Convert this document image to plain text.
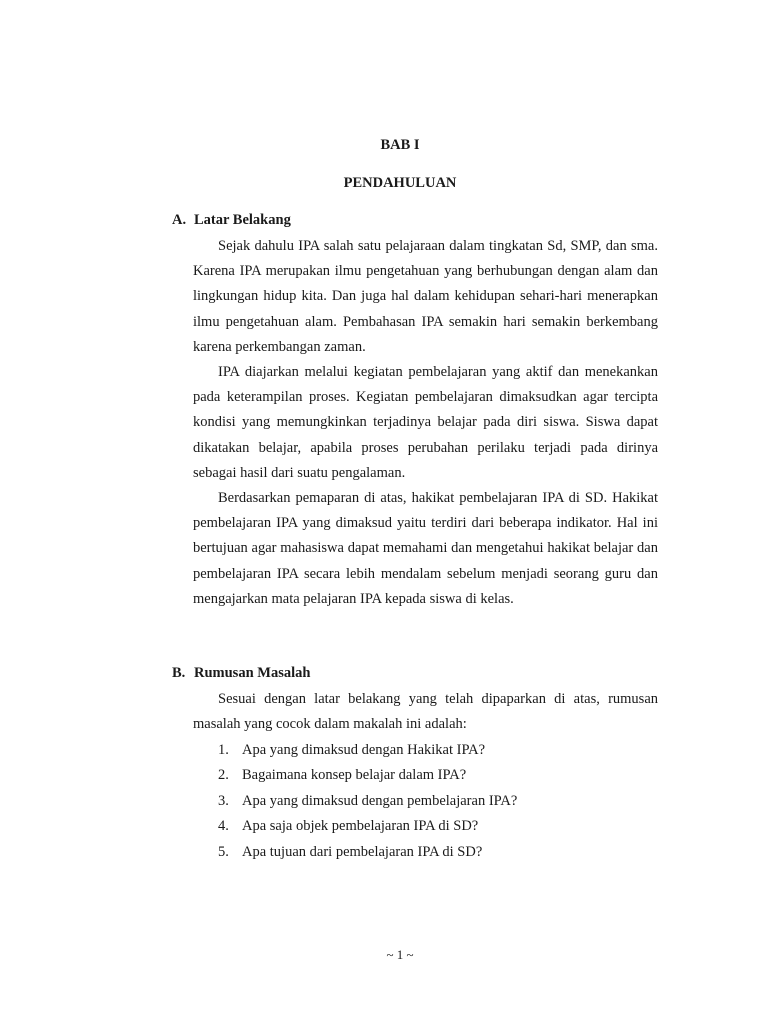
BAB I
PENDAHULUAN
A. Latar Belakang

Sejak dahulu IPA salah satu pelajaraan dalam tingkatan Sd, SMP, dan sma. Karena IPA merupakan ilmu pengetahuan yang berhubungan dengan alam dan lingkungan hidup kita. Dan juga hal dalam kehidupan sehari-hari menerapkan ilmu pengetahuan alam. Pembahasan IPA semakin hari semakin berkembang karena perkembangan zaman.

IPA diajarkan melalui kegiatan pembelajaran yang aktif dan menekankan pada keterampilan proses. Kegiatan pembelajaran dimaksudkan agar tercipta kondisi yang memungkinkan terjadinya belajar pada diri siswa. Siswa dapat dikatakan belajar, apabila proses perubahan perilaku terjadi pada dirinya sebagai hasil dari suatu pengalaman.

Berdasarkan pemaparan di atas, hakikat pembelajaran IPA di SD. Hakikat pembelajaran IPA yang dimaksud yaitu terdiri dari beberapa indikator. Hal ini bertujuan agar mahasiswa dapat memahami dan mengetahui hakikat belajar dan pembelajaran IPA secara lebih mendalam sebelum menjadi seorang guru dan mengajarkan mata pelajaran IPA kepada siswa di kelas.

B. Rumusan Masalah

Sesuai dengan latar belakang yang telah dipaparkan di atas, rumusan masalah yang cocok dalam makalah ini adalah:

1. Apa yang dimaksud dengan Hakikat IPA?
2. Bagaimana konsep belajar dalam IPA?
3. Apa yang dimaksud dengan pembelajaran IPA?
4. Apa saja objek pembelajaran IPA di SD?
5. Apa tujuan dari pembelajaran IPA di SD?
~ 1 ~
